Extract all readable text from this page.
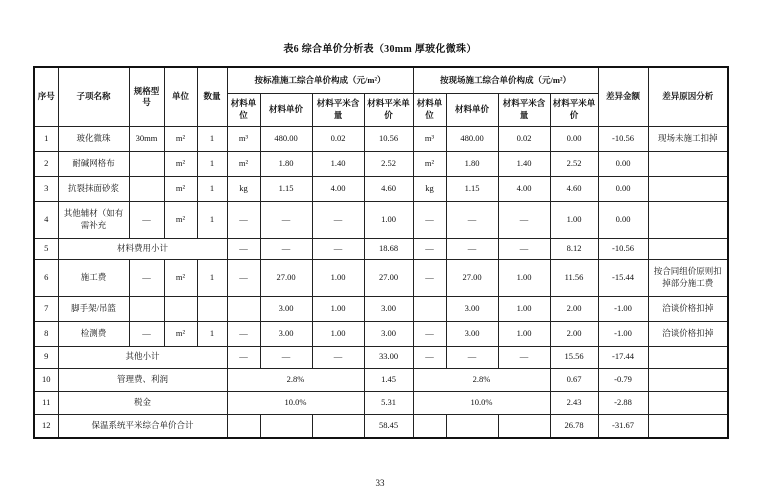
表6 综合单价分析表（30mm 厚玻化微珠）
序号	子项名称	规格型号	单位	数量	按标准施工综合单价构成（元/m²）				按现场施工综合单价构成（元/m²）				差异金额	差异原因分析
					材料单位	材料单价	材料平米含量	材料平米单价	材料单位	材料单价	材料平米含量	材料平米单价		
1	玻化微珠	30mm	m²	1	m³	480.00	0.02	10.56	m³	480.00	0.02	0.00	-10.56	现场未施工扣掉
2	耐碱网格布		m²	1	m²	1.80	1.40	2.52	m²	1.80	1.40	2.52	0.00	
3	抗裂抹面砂浆		m²	1	kg	1.15	4.00	4.60	kg	1.15	4.00	4.60	0.00	
4	其他辅材（如有需补充	—	m²	1	—	—	—	1.00	—	—	—	1.00	0.00	
5	材料费用小计				—	—	—	18.68	—	—	—	8.12	-10.56	
6	施工费	—	m²	1	—	27.00	1.00	27.00	—	27.00	1.00	11.56	-15.44	按合同组价原则扣掉部分施工费
7	脚手架/吊篮					3.00	1.00	3.00		3.00	1.00	2.00	-1.00	洽谈价格扣掉
8	检测费	—	m²	1	—	3.00	1.00	3.00	—	3.00	1.00	2.00	-1.00	洽谈价格扣掉
9	其他小计				—	—	—	33.00	—	—	—	15.56	-17.44	
10	管理费、利润				2.8%			1.45	2.8%			0.67	-0.79	
11	税金				10.0%			5.31	10.0%			2.43	-2.88	
12	保温系统平米综合单价合计							58.45				26.78	-31.67	
33
